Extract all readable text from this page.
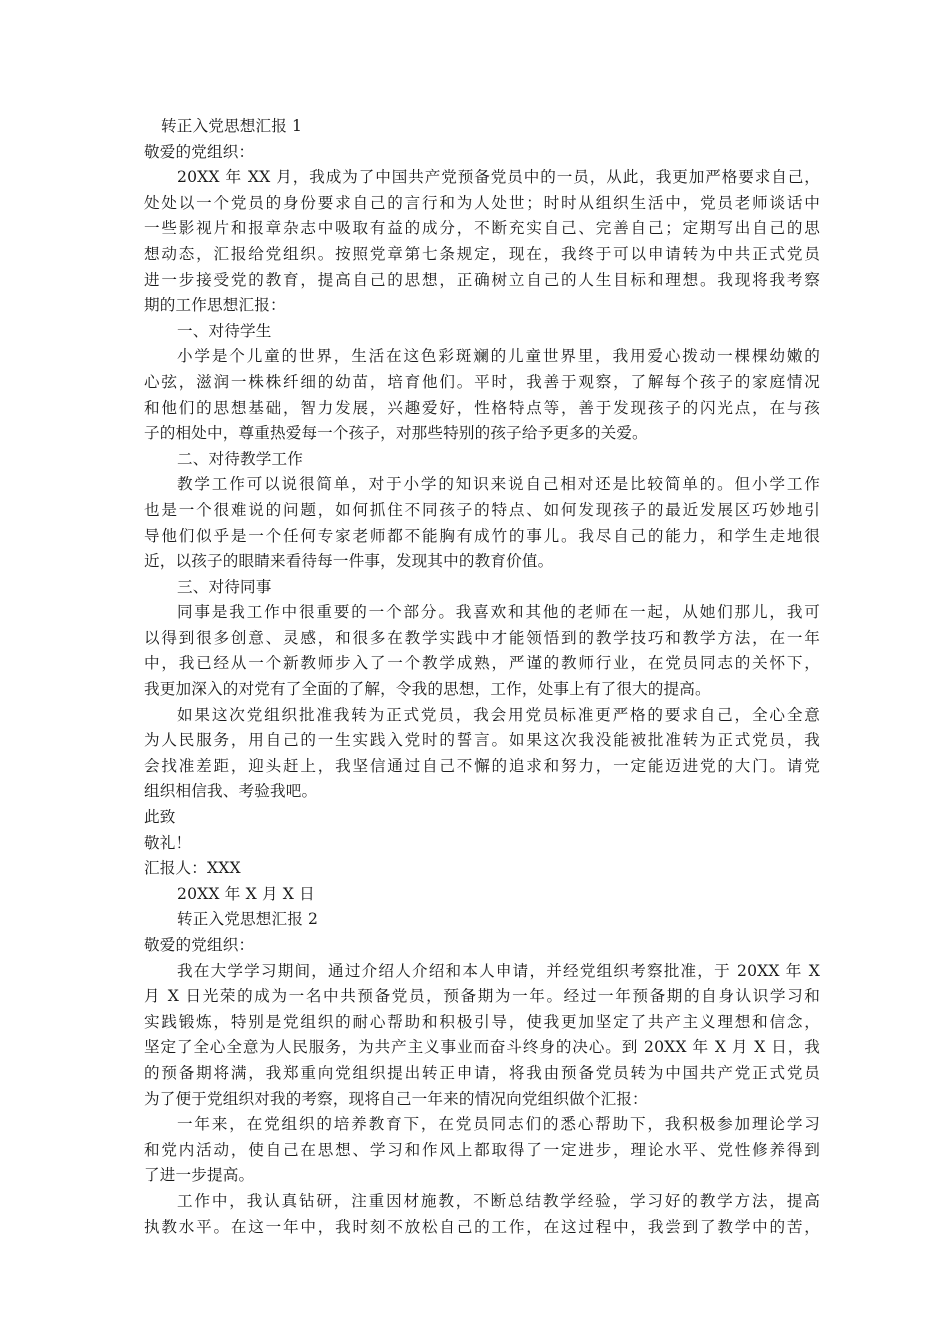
转正入党思想汇报 1
敬爱的党组织：
20XX 年 XX 月，我成为了中国共产党预备党员中的一员，从此，我更加严格要求自己，
处处以一个党员的身份要求自己的言行和为人处世；时时从组织生活中，党员老师谈话中
一些影视片和报章杂志中吸取有益的成分，不断充实自己、完善自己；定期写出自己的思
想动态，汇报给党组织。按照党章第七条规定，现在，我终于可以申请转为中共正式党员
进一步接受党的教育，提高自己的思想，正确树立自己的人生目标和理想。我现将我考察
期的工作思想汇报：
一、对待学生
小学是个儿童的世界，生活在这色彩斑斓的儿童世界里，我用爱心拨动一棵棵幼嫩的
心弦，滋润一株株纤细的幼苗，培育他们。平时，我善于观察，了解每个孩子的家庭情况
和他们的思想基础，智力发展，兴趣爱好，性格特点等，善于发现孩子的闪光点，在与孩
子的相处中，尊重热爱每一个孩子，对那些特别的孩子给予更多的关爱。
二、对待教学工作
教学工作可以说很简单，对于小学的知识来说自己相对还是比较简单的。但小学工作
也是一个很难说的问题，如何抓住不同孩子的特点、如何发现孩子的最近发展区巧妙地引
导他们似乎是一个任何专家老师都不能胸有成竹的事儿。我尽自己的能力，和学生走地很
近，以孩子的眼睛来看待每一件事，发现其中的教育价值。
三、对待同事
同事是我工作中很重要的一个部分。我喜欢和其他的老师在一起，从她们那儿，我可
以得到很多创意、灵感，和很多在教学实践中才能领悟到的教学技巧和教学方法，在一年
中，我已经从一个新教师步入了一个教学成熟，严谨的教师行业，在党员同志的关怀下，
我更加深入的对党有了全面的了解，令我的思想，工作，处事上有了很大的提高。
如果这次党组织批准我转为正式党员，我会用党员标准更严格的要求自己，全心全意
为人民服务，用自己的一生实践入党时的誓言。如果这次我没能被批准转为正式党员，我
会找准差距，迎头赶上，我坚信通过自己不懈的追求和努力，一定能迈进党的大门。请党
组织相信我、考验我吧。
此致
敬礼！
汇报人：XXX
20XX 年 X 月 X 日
转正入党思想汇报 2
敬爱的党组织：
我在大学学习期间，通过介绍人介绍和本人申请，并经党组织考察批准，于 20XX 年 X
月 X 日光荣的成为一名中共预备党员，预备期为一年。经过一年预备期的自身认识学习和
实践锻炼，特别是党组织的耐心帮助和积极引导，使我更加坚定了共产主义理想和信念，
坚定了全心全意为人民服务，为共产主义事业而奋斗终身的决心。到 20XX 年 X 月 X 日，我
的预备期将满，我郑重向党组织提出转正申请，将我由预备党员转为中国共产党正式党员
为了便于党组织对我的考察，现将自己一年来的情况向党组织做个汇报：
一年来，在党组织的培养教育下，在党员同志们的悉心帮助下，我积极参加理论学习
和党内活动，使自己在思想、学习和作风上都取得了一定进步，理论水平、党性修养得到
了进一步提高。
工作中，我认真钻研，注重因材施教，不断总结教学经验，学习好的教学方法，提高
执教水平。在这一年中，我时刻不放松自己的工作，在这过程中，我尝到了教学中的苦，
